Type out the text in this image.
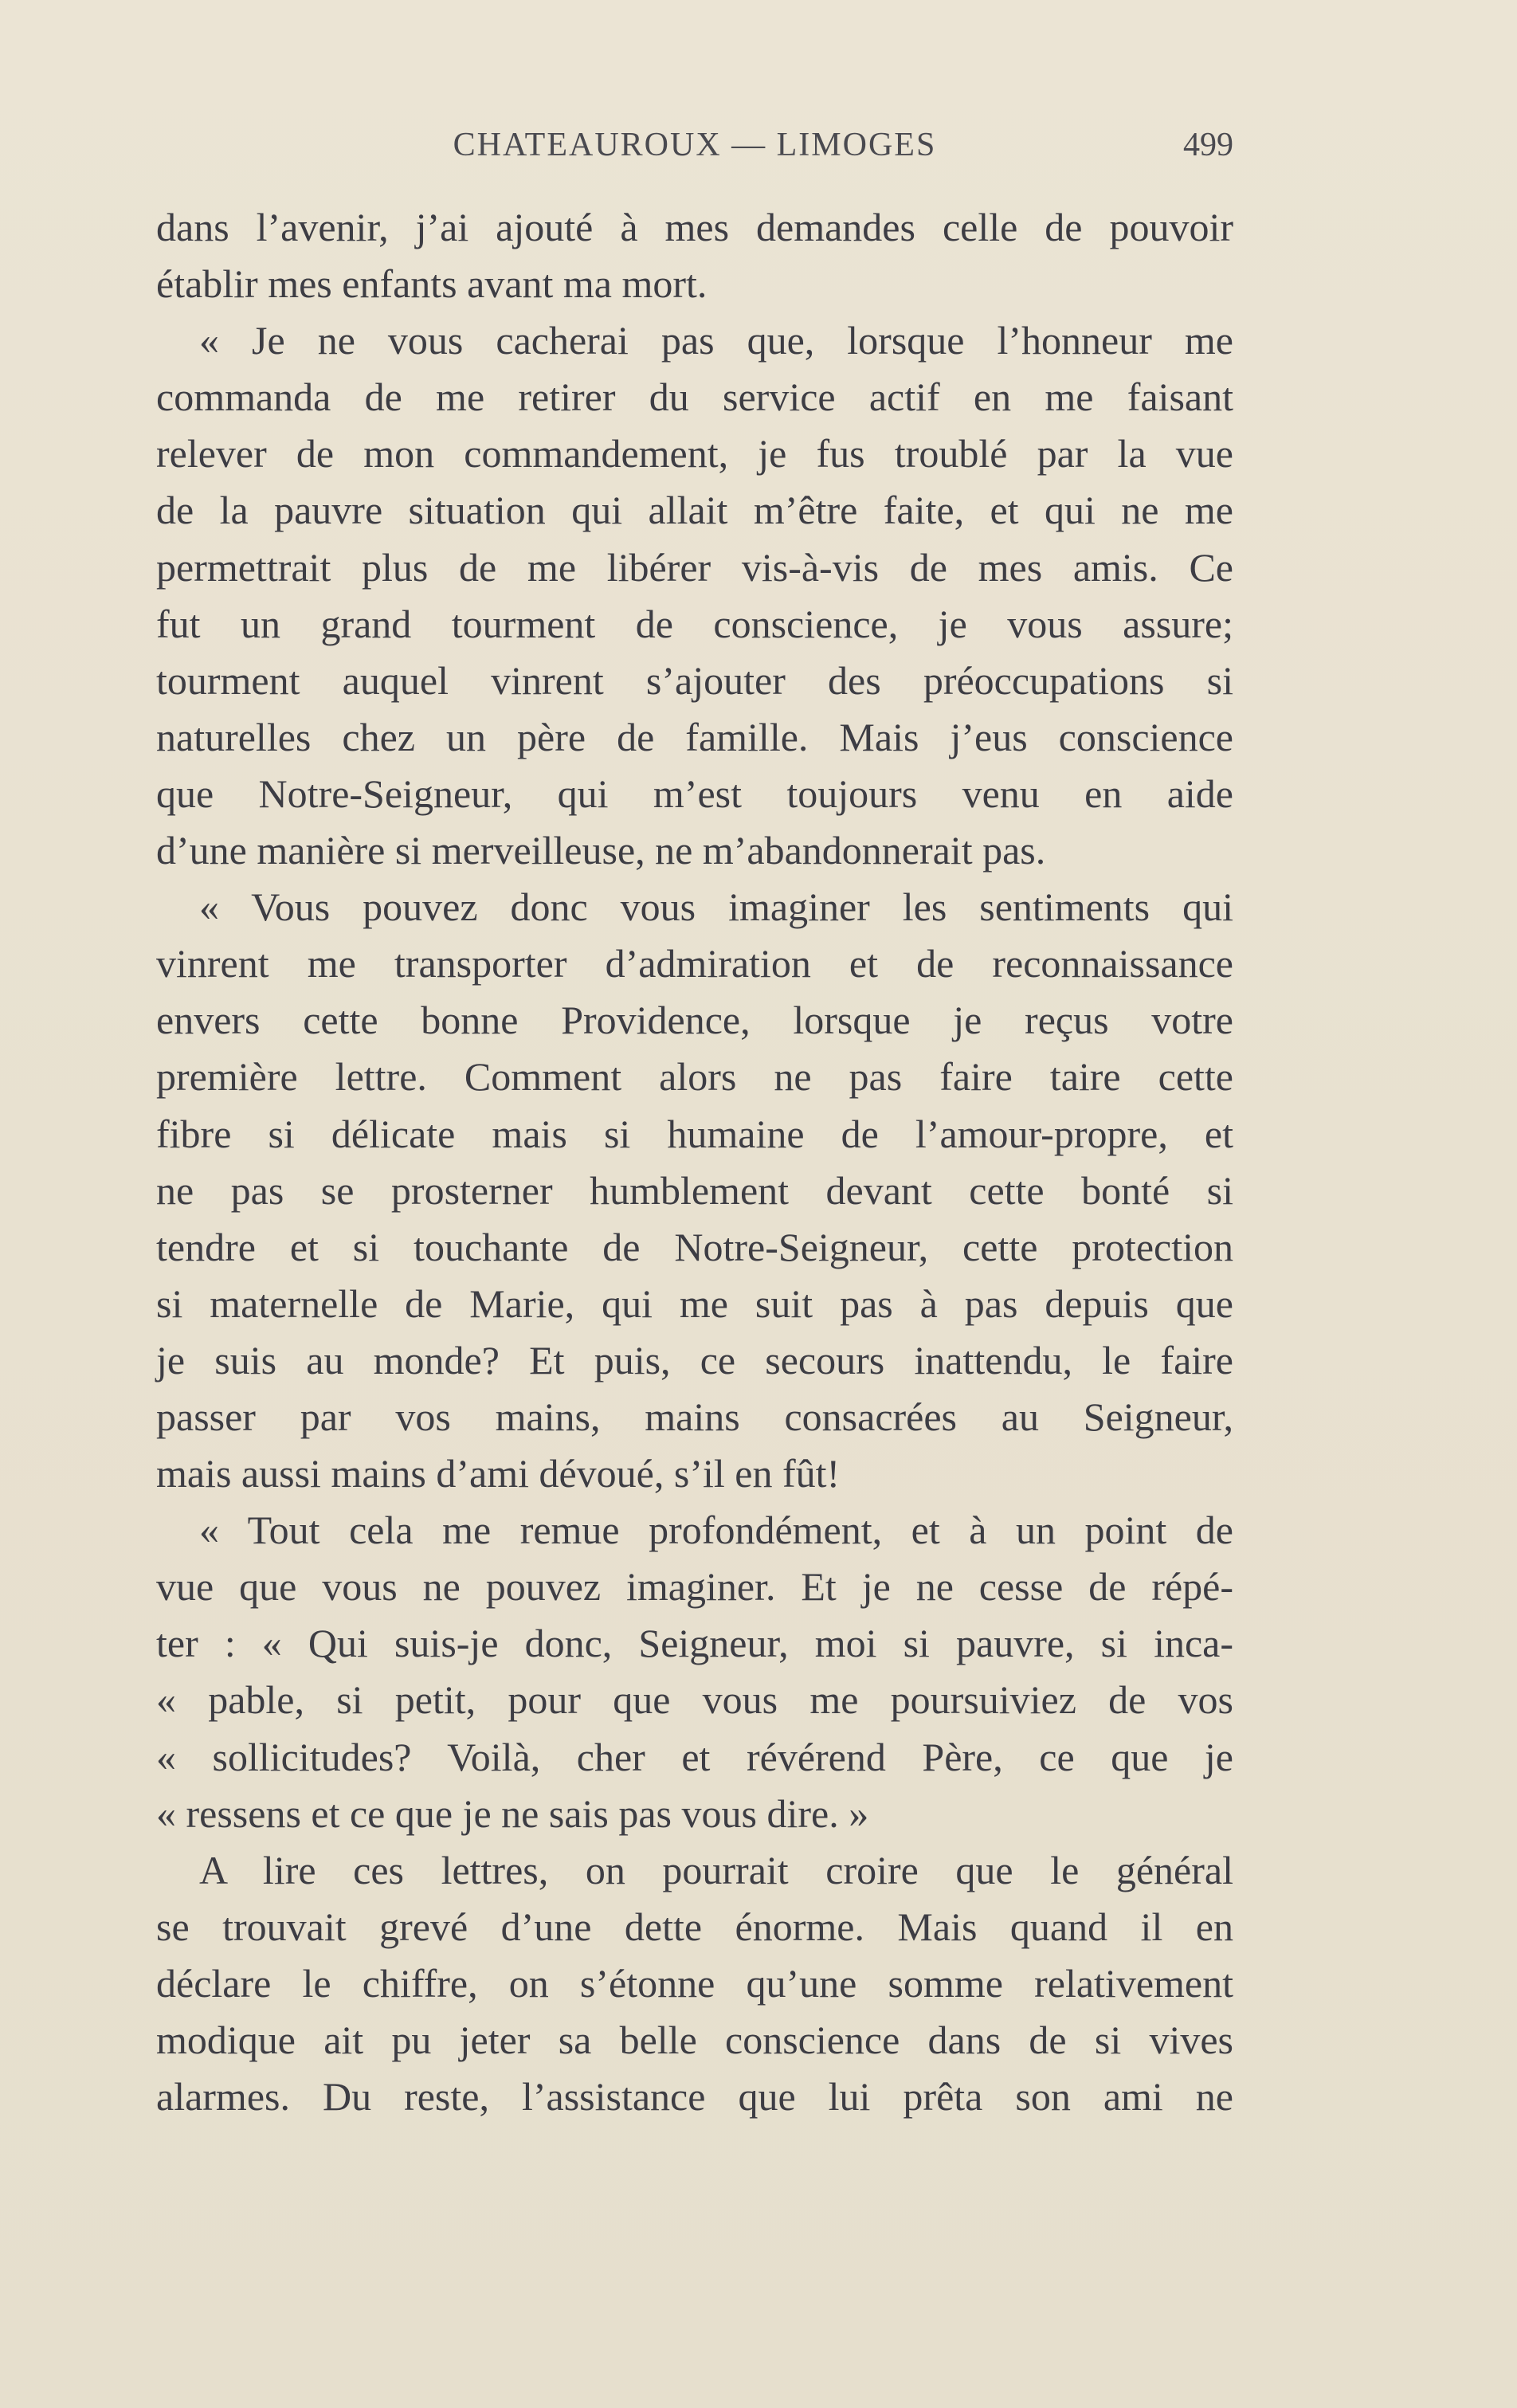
CHATEAUROUX — LIMOGES	499
dans l’avenir, j’ai ajouté à mes demandes celle de pouvoir
établir mes enfants avant ma mort.
« Je ne vous cacherai pas que, lorsque l’honneur me
commanda de me retirer du service actif en me faisant
relever de mon commandement, je fus troublé par la vue
de la pauvre situation qui allait m’être faite, et qui ne me
permettrait plus de me libérer vis-à-vis de mes amis. Ce
fut un grand tourment de conscience, je vous assure;
tourment auquel vinrent s’ajouter des préoccupations si
naturelles chez un père de famille. Mais j’eus conscience
que Notre-Seigneur, qui m’est toujours venu en aide
d’une manière si merveilleuse, ne m’abandonnerait pas.
« Vous pouvez donc vous imaginer les sentiments qui
vinrent me transporter d’admiration et de reconnaissance
envers cette bonne Providence, lorsque je reçus votre
première lettre. Comment alors ne pas faire taire cette
fibre si délicate mais si humaine de l’amour-propre, et
ne pas se prosterner humblement devant cette bonté si
tendre et si touchante de Notre-Seigneur, cette protection
si maternelle de Marie, qui me suit pas à pas depuis que
je suis au monde? Et puis, ce secours inattendu, le faire
passer par vos mains, mains consacrées au Seigneur,
mais aussi mains d’ami dévoué, s’il en fût!
« Tout cela me remue profondément, et à un point de
vue que vous ne pouvez imaginer. Et je ne cesse de répé-
ter : « Qui suis-je donc, Seigneur, moi si pauvre, si inca-
« pable, si petit, pour que vous me poursuiviez de vos
« sollicitudes? Voilà, cher et révérend Père, ce que je
« ressens et ce que je ne sais pas vous dire. »
A lire ces lettres, on pourrait croire que le général
se trouvait grevé d’une dette énorme. Mais quand il en
déclare le chiffre, on s’étonne qu’une somme relativement
modique ait pu jeter sa belle conscience dans de si vives
alarmes. Du reste, l’assistance que lui prêta son ami ne
